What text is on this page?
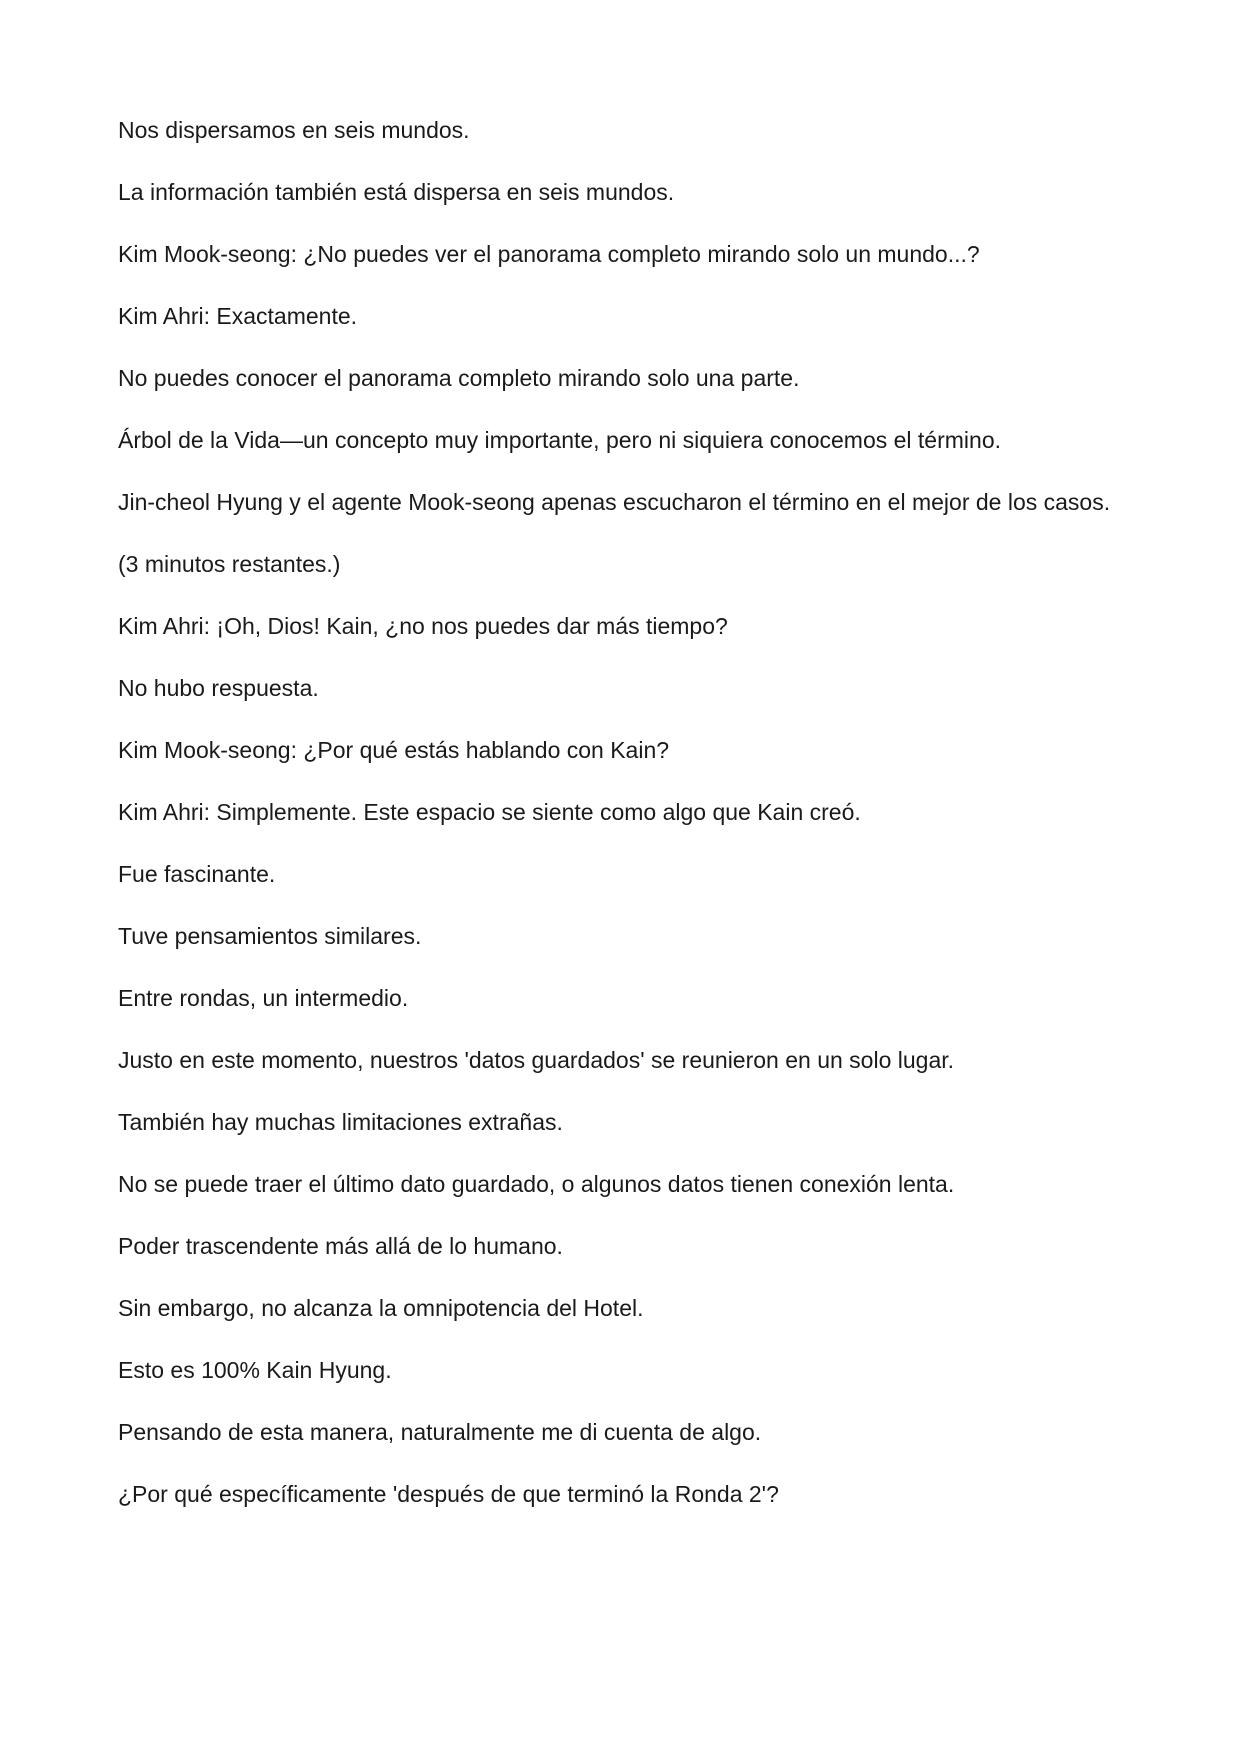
Nos dispersamos en seis mundos.

La información también está dispersa en seis mundos.

Kim Mook-seong: ¿No puedes ver el panorama completo mirando solo un mundo...?

Kim Ahri: Exactamente.

No puedes conocer el panorama completo mirando solo una parte.

Árbol de la Vida—un concepto muy importante, pero ni siquiera conocemos el término.

Jin-cheol Hyung y el agente Mook-seong apenas escucharon el término en el mejor de los casos.

(3 minutos restantes.)

Kim Ahri: ¡Oh, Dios! Kain, ¿no nos puedes dar más tiempo?

No hubo respuesta.

Kim Mook-seong: ¿Por qué estás hablando con Kain?

Kim Ahri: Simplemente. Este espacio se siente como algo que Kain creó.

Fue fascinante.

Tuve pensamientos similares.

Entre rondas, un intermedio.

Justo en este momento, nuestros 'datos guardados' se reunieron en un solo lugar.

También hay muchas limitaciones extrañas.

No se puede traer el último dato guardado, o algunos datos tienen conexión lenta.

Poder trascendente más allá de lo humano.

Sin embargo, no alcanza la omnipotencia del Hotel.

Esto es 100% Kain Hyung.

Pensando de esta manera, naturalmente me di cuenta de algo.

¿Por qué específicamente 'después de que terminó la Ronda 2'?
